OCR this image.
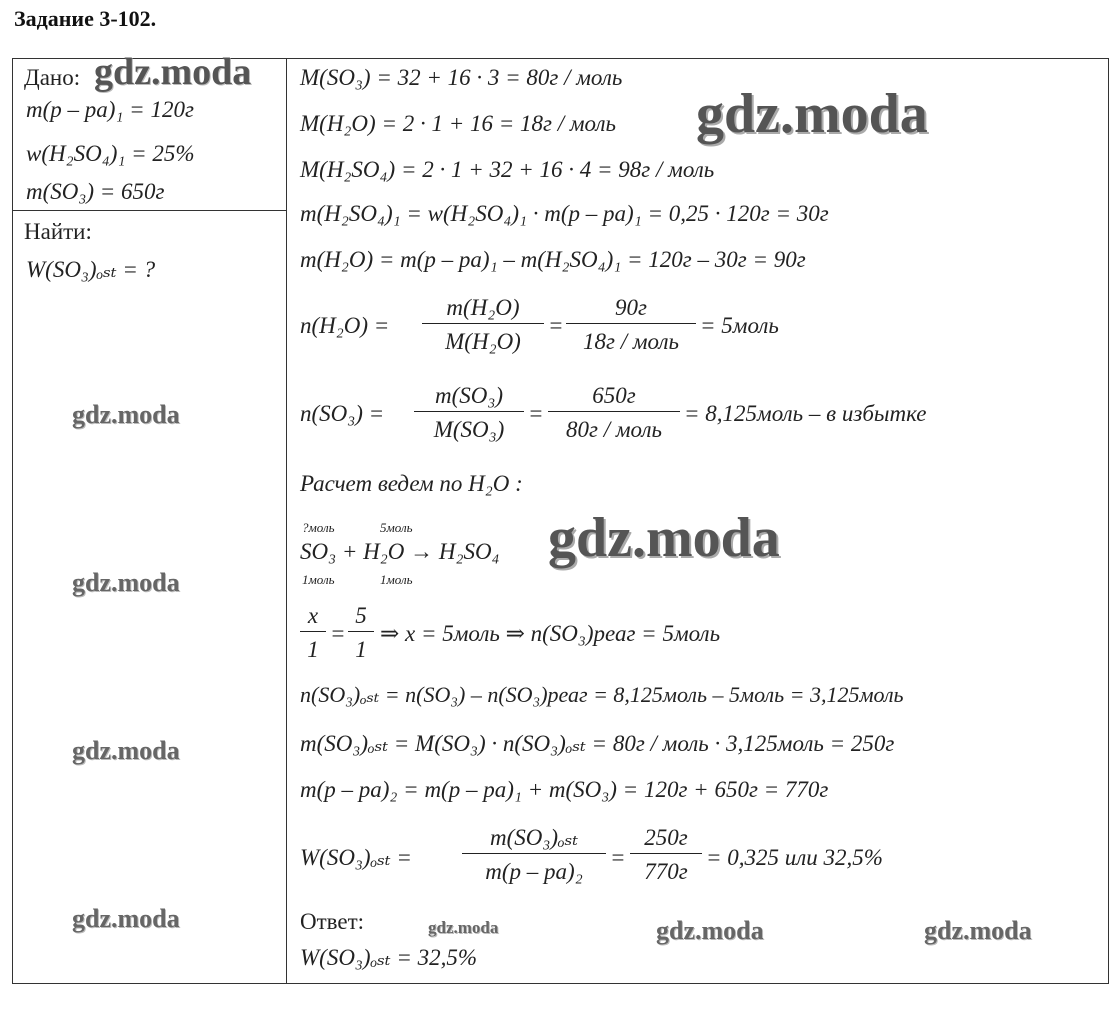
Задание 3-102.
Дано:
m(p – pa)₁ = 120г
w(H₂SO₄)₁ = 25%
m(SO₃) = 650г
Найти:
W(SO₃)ₒₛₜ = ?
M(SO₃) = 32 + 16 · 3 = 80г / моль
M(H₂O) = 2 · 1 + 16 = 18г / моль
M(H₂SO₄) = 2 · 1 + 32 + 16 · 4 = 98г / моль
m(H₂SO₄)₁ = w(H₂SO₄)₁ · m(p – pa)₁ = 0,25 · 120г = 30г
m(H₂O) = m(p – pa)₁ – m(H₂SO₄)₁ = 120г – 30г = 90г
$n(H_2O) = \frac{\text{m(H₂O)}}{\text{M(H₂O)}}$ =
90г
18г / моль
= 5моль
$n(SO_3) = \frac{\text{m(SO₃)}}{\text{M(SO₃)}}$ =
650г
80г / моль
= 8,125моль – в избытке
Расчет ведем по H₂O :
?моль	5моль
SO₃ + H₂O → H₂SO₄
1моль	1моль
$\frac{x}{1} = \frac{5}{1}$ ⇒ x = 5моль ⇒ n(SO₃)реаг = 5моль
n(SO₃)ₒₛₜ = n(SO₃) – n(SO₃)реаг = 8,125моль – 5моль = 3,125моль
m(SO₃)ₒₛₜ = M(SO₃) · n(SO₃)ₒₛₜ = 80г / моль · 3,125моль = 250г
m(p – pa)₂ = m(p – pa)₁ + m(SO₃) = 120г + 650г = 770г
W(SO₃)ₒₛₜ =
m(SO₃)ₒₛₜ
m(p – pa)₂
=
250г
770г
= 0,325 или 32,5%
Ответ:
W(SO₃)ₒₛₜ = 32,5%
gdz.moda
gdz.moda
gdz.moda
gdz.moda
gdz.moda
gdz.moda
gdz.moda	gdz.moda	gdz.moda	gdz.moda
